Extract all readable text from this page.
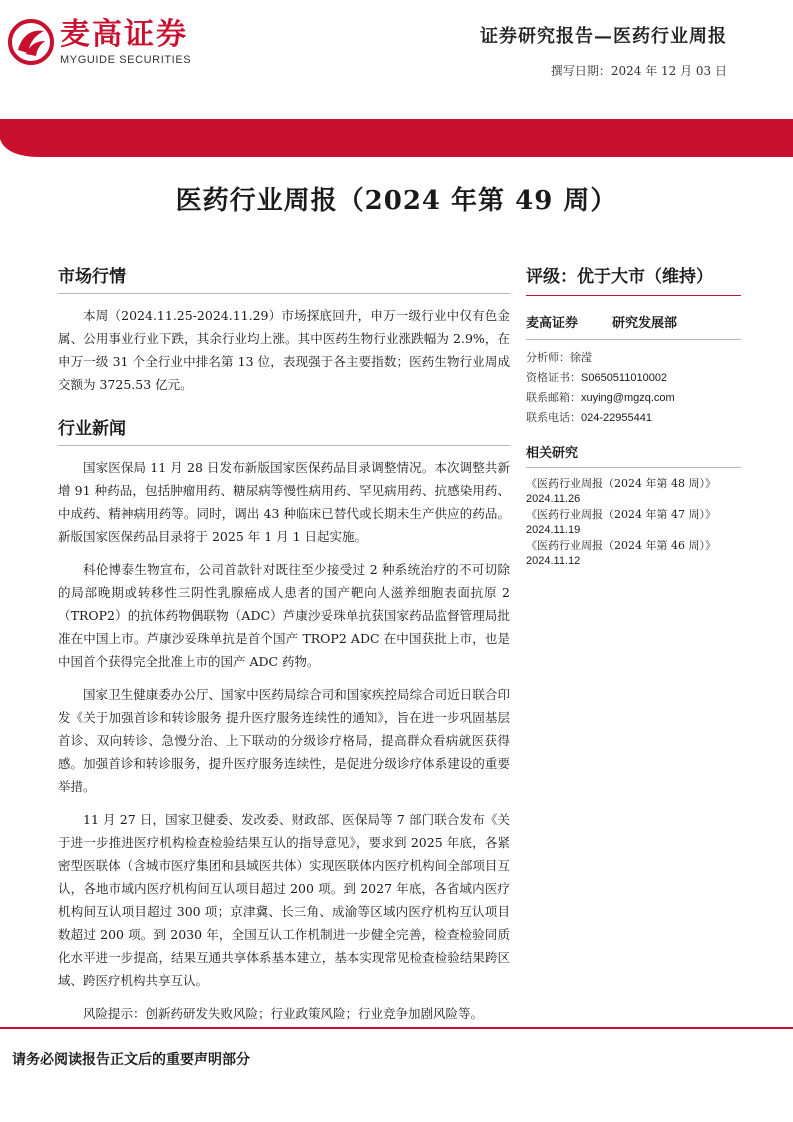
麦高证券
MYGUIDE SECURITIES
证券研究报告—医药行业周报
撰写日期：2024 年 12 月 03 日
医药行业周报（2024 年第 49 周）
市场行情

本周（2024.11.25-2024.11.29）市场探底回升，申万一级行业中仅有色金属、公用事业行业下跌，其余行业均上涨。其中医药生物行业涨跌幅为 2.9%，在申万一级 31 个全行业中排名第 13 位，表现强于各主要指数；医药生物行业周成交额为 3725.53 亿元。

行业新闻

国家医保局 11 月 28 日发布新版国家医保药品目录调整情况。本次调整共新增 91 种药品，包括肿瘤用药、糖尿病等慢性病用药、罕见病用药、抗感染用药、中成药、精神病用药等。同时，调出 43 种临床已替代或长期未生产供应的药品。新版国家医保药品目录将于 2025 年 1 月 1 日起实施。

科伦博泰生物宣布，公司首款针对既往至少接受过 2 种系统治疗的不可切除的局部晚期或转移性三阴性乳腺癌成人患者的国产靶向人滋养细胞表面抗原 2（TROP2）的抗体药物偶联物（ADC）芦康沙妥珠单抗获国家药品监督管理局批准在中国上市。芦康沙妥珠单抗是首个国产 TROP2 ADC 在中国获批上市，也是中国首个获得完全批准上市的国产 ADC 药物。

国家卫生健康委办公厅、国家中医药局综合司和国家疾控局综合司近日联合印发《关于加强首诊和转诊服务 提升医疗服务连续性的通知》，旨在进一步巩固基层首诊、双向转诊、急慢分治、上下联动的分级诊疗格局，提高群众看病就医获得感。加强首诊和转诊服务，提升医疗服务连续性，是促进分级诊疗体系建设的重要举措。

11 月 27 日，国家卫健委、发改委、财政部、医保局等 7 部门联合发布《关于进一步推进医疗机构检查检验结果互认的指导意见》，要求到 2025 年底，各紧密型医联体（含城市医疗集团和县域医共体）实现医联体内医疗机构间全部项目互认，各地市域内医疗机构间互认项目超过 200 项。到 2027 年底，各省域内医疗机构间互认项目超过 300 项；京津冀、长三角、成渝等区域内医疗机构互认项目数超过 200 项。到 2030 年，全国互认工作机制进一步健全完善，检查检验同质化水平进一步提高，结果互通共享体系基本建立，基本实现常见检查检验结果跨区域、跨医疗机构共享互认。

风险提示：创新药研发失败风险；行业政策风险；行业竞争加剧风险等。

评级：优于大市（维持）
麦高证券	研究发展部
分析师：徐滢
资格证书：S0650511010002
联系邮箱：xuying@mgzq.com
联系电话：024-22955441
相关研究
《医药行业周报（2024 年第 48 周）》
2024.11.26
《医药行业周报（2024 年第 47 周）》
2024.11.19
《医药行业周报（2024 年第 46 周）》
2024.11.12
请务必阅读报告正文后的重要声明部分
